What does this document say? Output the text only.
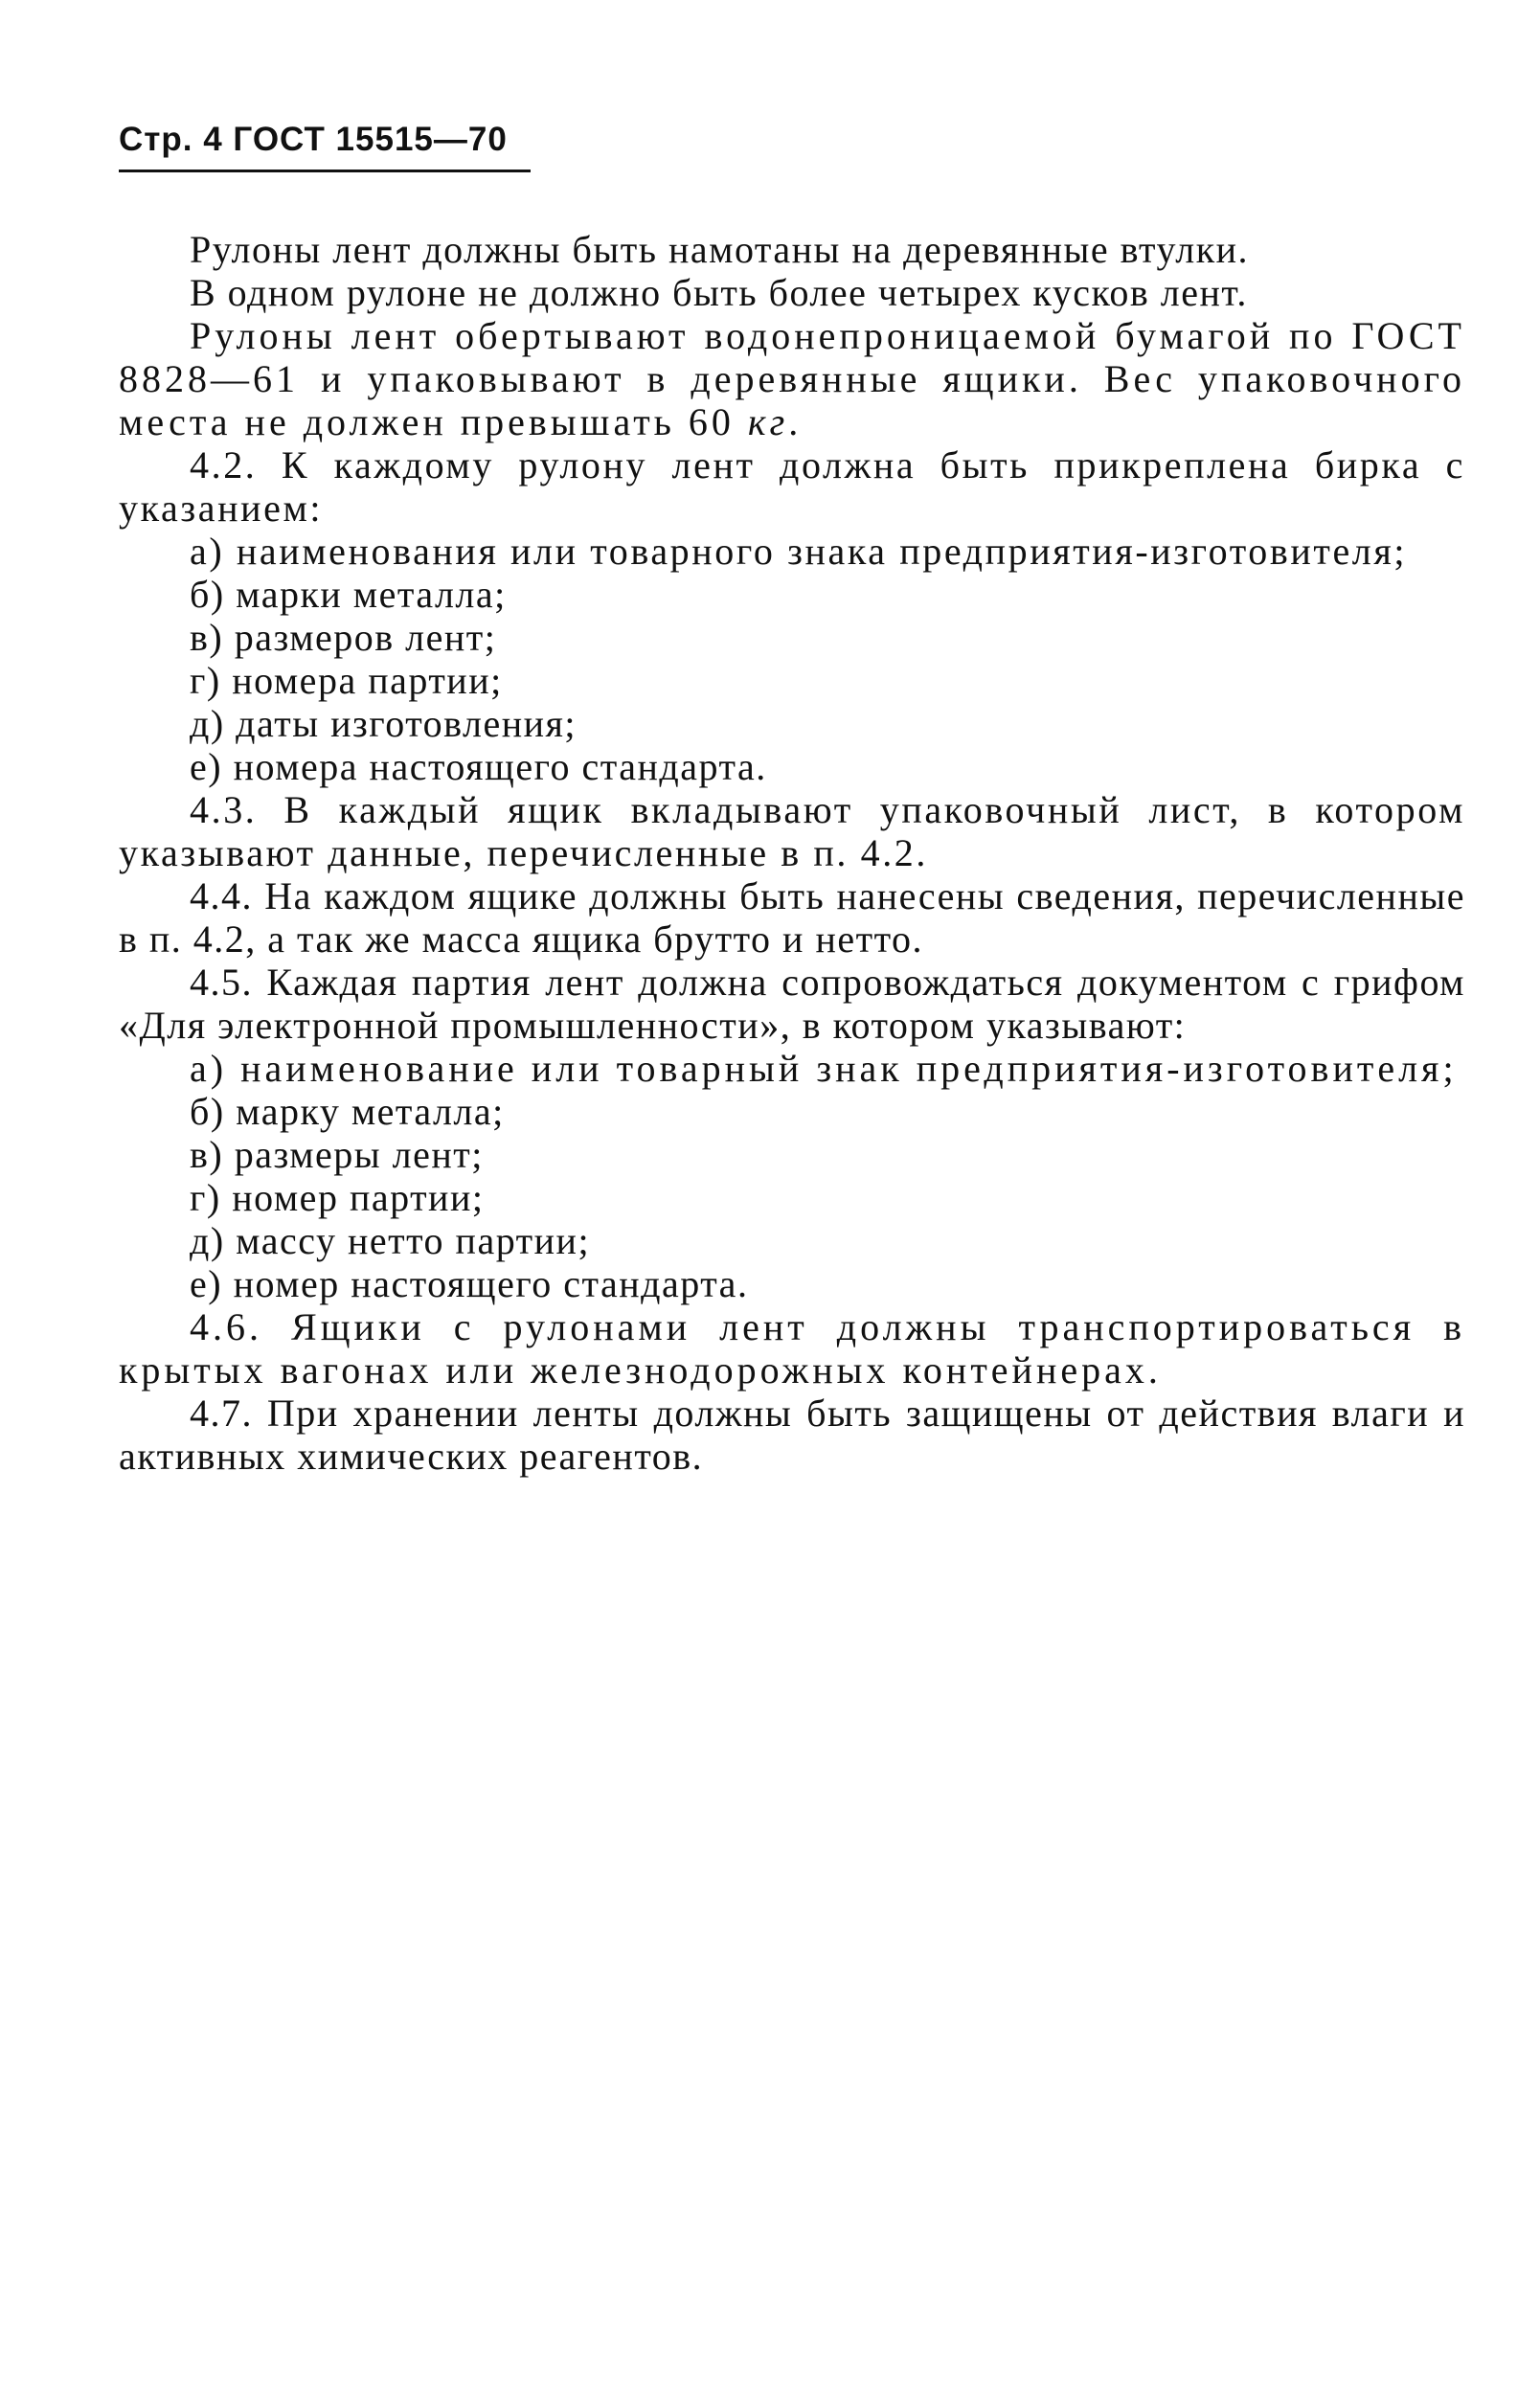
Стр. 4 ГОСТ 15515—70

Рулоны лент должны быть намотаны на деревянные втулки.

В одном рулоне не должно быть более четырех кусков лент.

Рулоны лент обертывают водонепроницаемой бумагой по ГОСТ 8828—61 и упаковывают в деревянные ящики. Вес упаковочного места не должен превышать 60 кг.

4.2. К каждому рулону лент должна быть прикреплена бирка с указанием:

а) наименования или товарного знака предприятия-изготовителя;

б) марки металла;

в) размеров лент;

г) номера партии;

д) даты изготовления;

е) номера настоящего стандарта.

4.3. В каждый ящик вкладывают упаковочный лист, в котором указывают данные, перечисленные в п. 4.2.

4.4. На каждом ящике должны быть нанесены сведения, перечисленные в п. 4.2, а так же масса ящика брутто и нетто.

4.5. Каждая партия лент должна сопровождаться документом с грифом «Для электронной промышленности», в котором указывают:

а) наименование или товарный знак предприятия-изготовителя;

б) марку металла;

в) размеры лент;

г) номер партии;

д) массу нетто партии;

е) номер настоящего стандарта.

4.6. Ящики с рулонами лент должны транспортироваться в крытых вагонах или железнодорожных контейнерах.

4.7. При хранении ленты должны быть защищены от действия влаги и активных химических реагентов.
